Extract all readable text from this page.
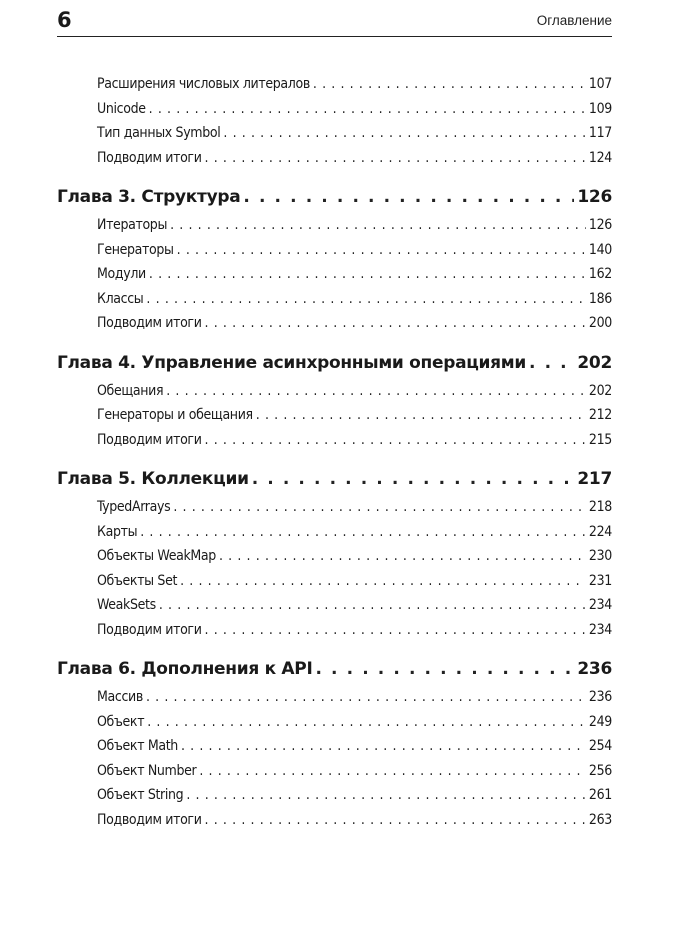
6	Оглавление
Расширения числовых литералов . . .	107
Unicode . . .	109
Тип данных Symbol . . .	117
Подводим итоги . . .	124
Глава 3. Структура . . .	126
Итераторы . . .	126
Генераторы . . .	140
Модули . . .	162
Классы . . .	186
Подводим итоги . . .	200
Глава 4. Управление асинхронными операциями . . .	202
Обещания . . .	202
Генераторы и обещания . . .	212
Подводим итоги . . .	215
Глава 5. Коллекции . . .	217
TypedArrays . . .	218
Карты . . .	224
Объекты WeakMap . . .	230
Объекты Set . . .	231
WeakSets . . .	234
Подводим итоги . . .	234
Глава 6. Дополнения к API . . .	236
Массив . . .	236
Объект . . .	249
Объект Math . . .	254
Объект Number . . .	256
Объект String . . .	261
Подводим итоги . . .	263
